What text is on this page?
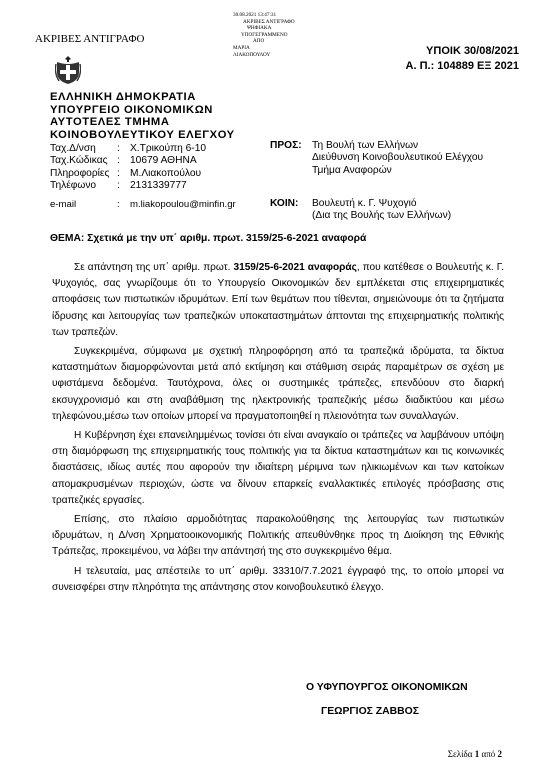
ΑΚΡΙΒΕΣ ΑΝΤΙΓΡΑΦΟ
30.08.2021 13:47:31
ΑΚΡΙΒΕΣ ΑΝΤΙΓΡΑΦΟ
ΨΗΦΙΑΚΑ
ΥΠΟΓΕΓΡΑΜΜΕΝΟ
ΑΠΟ
ΜΑΡΙΑ
ΛΙΑΚΟΠΟΥΛΟΥ	ΥΠΟΙΚ 30/08/2021
Α. Π.: 104889 ΕΞ 2021
ΕΛΛΗΝΙΚΗ ΔΗΜΟΚΡΑΤΙΑ
ΥΠΟΥΡΓΕΙΟ ΟΙΚΟΝΟΜΙΚΩΝ
ΑΥΤΟΤΕΛΕΣ ΤΜΗΜΑ
ΚΟΙΝΟΒΟΥΛΕΥΤΙΚΟΥ ΕΛΕΓΧΟΥ
Ταχ.Δ/νση	: Χ.Τρικούπη 6-10
Ταχ.Κώδικας : 10679 ΑΘΗΝΑ
Πληροφορίες : Μ.Λιακοπούλου
Τηλέφωνο	: 2131339777
e-mail	:	m.liakopoulou@minfin.gr
ΠΡΟΣ:	Τη Βουλή των Ελλήνων
Διεύθυνση Κοινοβουλευτικού Ελέγχου
Τμήμα Αναφορών
ΚΟΙΝ:	Βουλευτή κ. Γ. Ψυχογιό
(Δια της Βουλής των Ελλήνων)
ΘΕΜΑ: Σχετικά με την υπ΄ αριθμ. πρωτ. 3159/25-6-2021 αναφορά

Σε απάντηση της υπ΄ αριθμ. πρωτ. 3159/25-6-2021 αναφοράς, που κατέθεσε ο Βουλευτής κ. Γ. Ψυχογιός, σας γνωρίζουμε ότι το Υπουργείο Οικονομικών δεν εμπλέκεται στις επιχειρηματικές αποφάσεις των πιστωτικών ιδρυμάτων. Επί των θεμάτων που τίθενται, σημειώνουμε ότι τα ζητήματα ίδρυσης και λειτουργίας των τραπεζικών υποκαταστημάτων άπτονται της επιχειρηματικής πολιτικής των τραπεζών.

Συγκεκριμένα, σύμφωνα με σχετική πληροφόρηση από τα τραπεζικά ιδρύματα, τα δίκτυα καταστημάτων διαμορφώνονται μετά από εκτίμηση και στάθμιση σειράς παραμέτρων σε σχέση με υφιστάμενα δεδομένα. Ταυτόχρονα, όλες οι συστημικές τράπεζες, επενδύουν στο διαρκή εκσυγχρονισμό και στη αναβάθμιση της ηλεκτρονικής τραπεζικής μέσω διαδικτύου και μέσω τηλεφώνου,μέσω των οποίων μπορεί να πραγματοποιηθεί η πλειονότητα των συναλλαγών.

Η Κυβέρνηση έχει επανειλημμένως τονίσει ότι είναι αναγκαίο οι τράπεζες να λαμβάνουν υπόψη στη διαμόρφωση της επιχειρηματικής τους πολιτικής για τα δίκτυα καταστημάτων και τις κοινωνικές διαστάσεις, ιδίως αυτές που αφορούν την ιδιαίτερη μέριμνα των ηλικιωμένων και των κατοίκων απομακρυσμένων περιοχών, ώστε να δίνουν επαρκείς εναλλακτικές επιλογές πρόσβασης στις τραπεζικές εργασίες.

Επίσης, στο πλαίσιο αρμοδιότητας παρακολούθησης της λειτουργίας των πιστωτικών ιδρυμάτων, η Δ/νση Χρηματοοικονομικής Πολιτικής απευθύνθηκε προς τη Διοίκηση της Εθνικής Τράπεζας, προκειμένου, να λάβει την απάντησή της στο συγκεκριμένο θέμα.

Η τελευταία, μας απέστειλε το υπ΄ αριθμ. 33310/7.7.2021 έγγραφό της, το οποίο μπορεί να συνεισφέρει στην πληρότητα της απάντησης στον κοινοβουλευτικό έλεγχο.

Ο ΥΦΥΠΟΥΡΓΟΣ ΟΙΚΟΝΟΜΙΚΩΝ
ΓΕΩΡΓΙΟΣ ΖΑΒΒΟΣ
Σελίδα 1 από 2
